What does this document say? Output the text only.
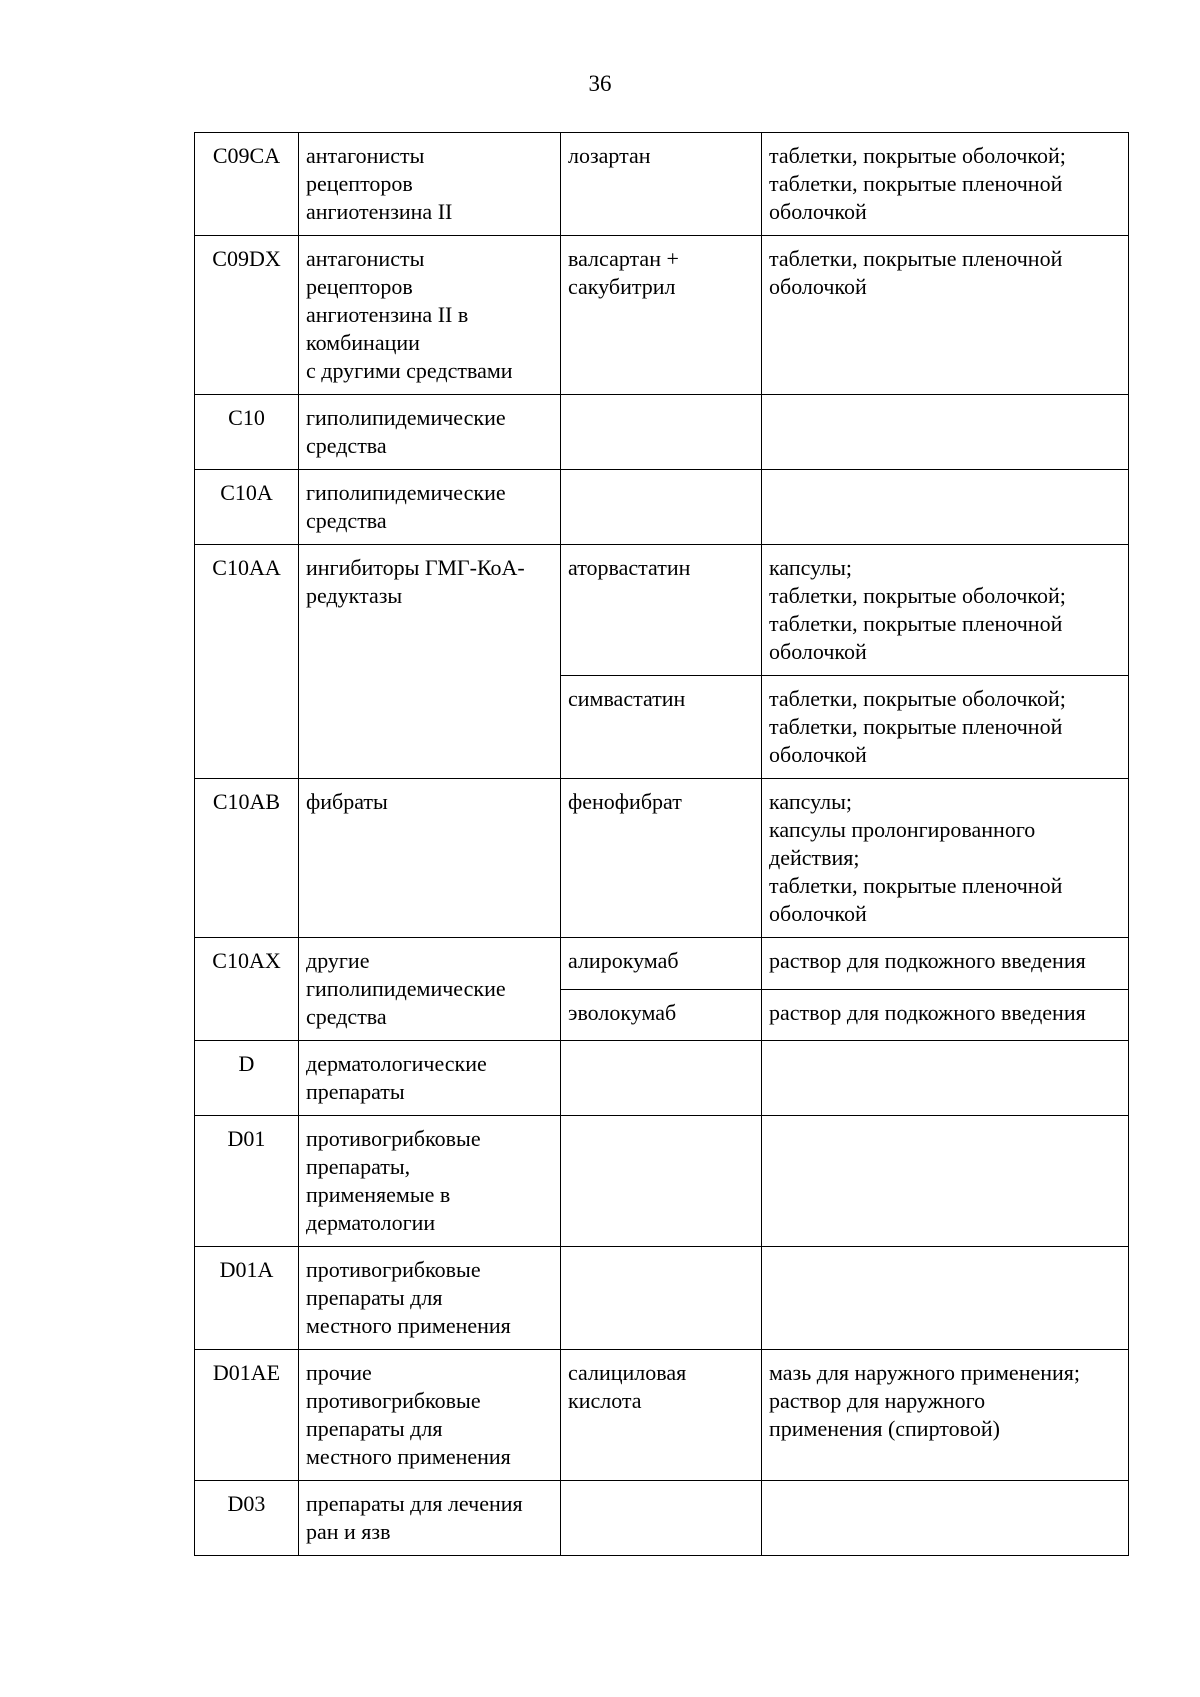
36
C09CA	антагонисты
рецепторов
ангиотензина II	лозартан	таблетки, покрытые оболочкой;
таблетки, покрытые пленочной
оболочкой

C09DX	антагонисты
рецепторов
ангиотензина II в
комбинации
с другими средствами	валсартан +
сакубитрил	таблетки, покрытые пленочной
оболочкой

C10	гиполипидемические
средства		

C10A	гиполипидемические
средства		

C10AA	ингибиторы ГМГ-КоА-
редуктазы	аторвастатин	капсулы;
таблетки, покрытые оболочкой;
таблетки, покрытые пленочной
оболочкой

		симвастатин	таблетки, покрытые оболочкой;
таблетки, покрытые пленочной
оболочкой

C10AB	фибраты	фенофибрат	капсулы;
капсулы пролонгированного
действия;
таблетки, покрытые пленочной
оболочкой

C10AX	другие
гиполипидемические
средства	алирокумаб	раствор для подкожного введения

		эволокумаб	раствор для подкожного введения

D	дерматологические
препараты		

D01	противогрибковые
препараты,
применяемые в
дерматологии		

D01A	противогрибковые
препараты для
местного применения		

D01AE	прочие
противогрибковые
препараты для
местного применения	салициловая
кислота	мазь для наружного применения;
раствор для наружного
применения (спиртовой)

D03	препараты для лечения
ран и язв		
